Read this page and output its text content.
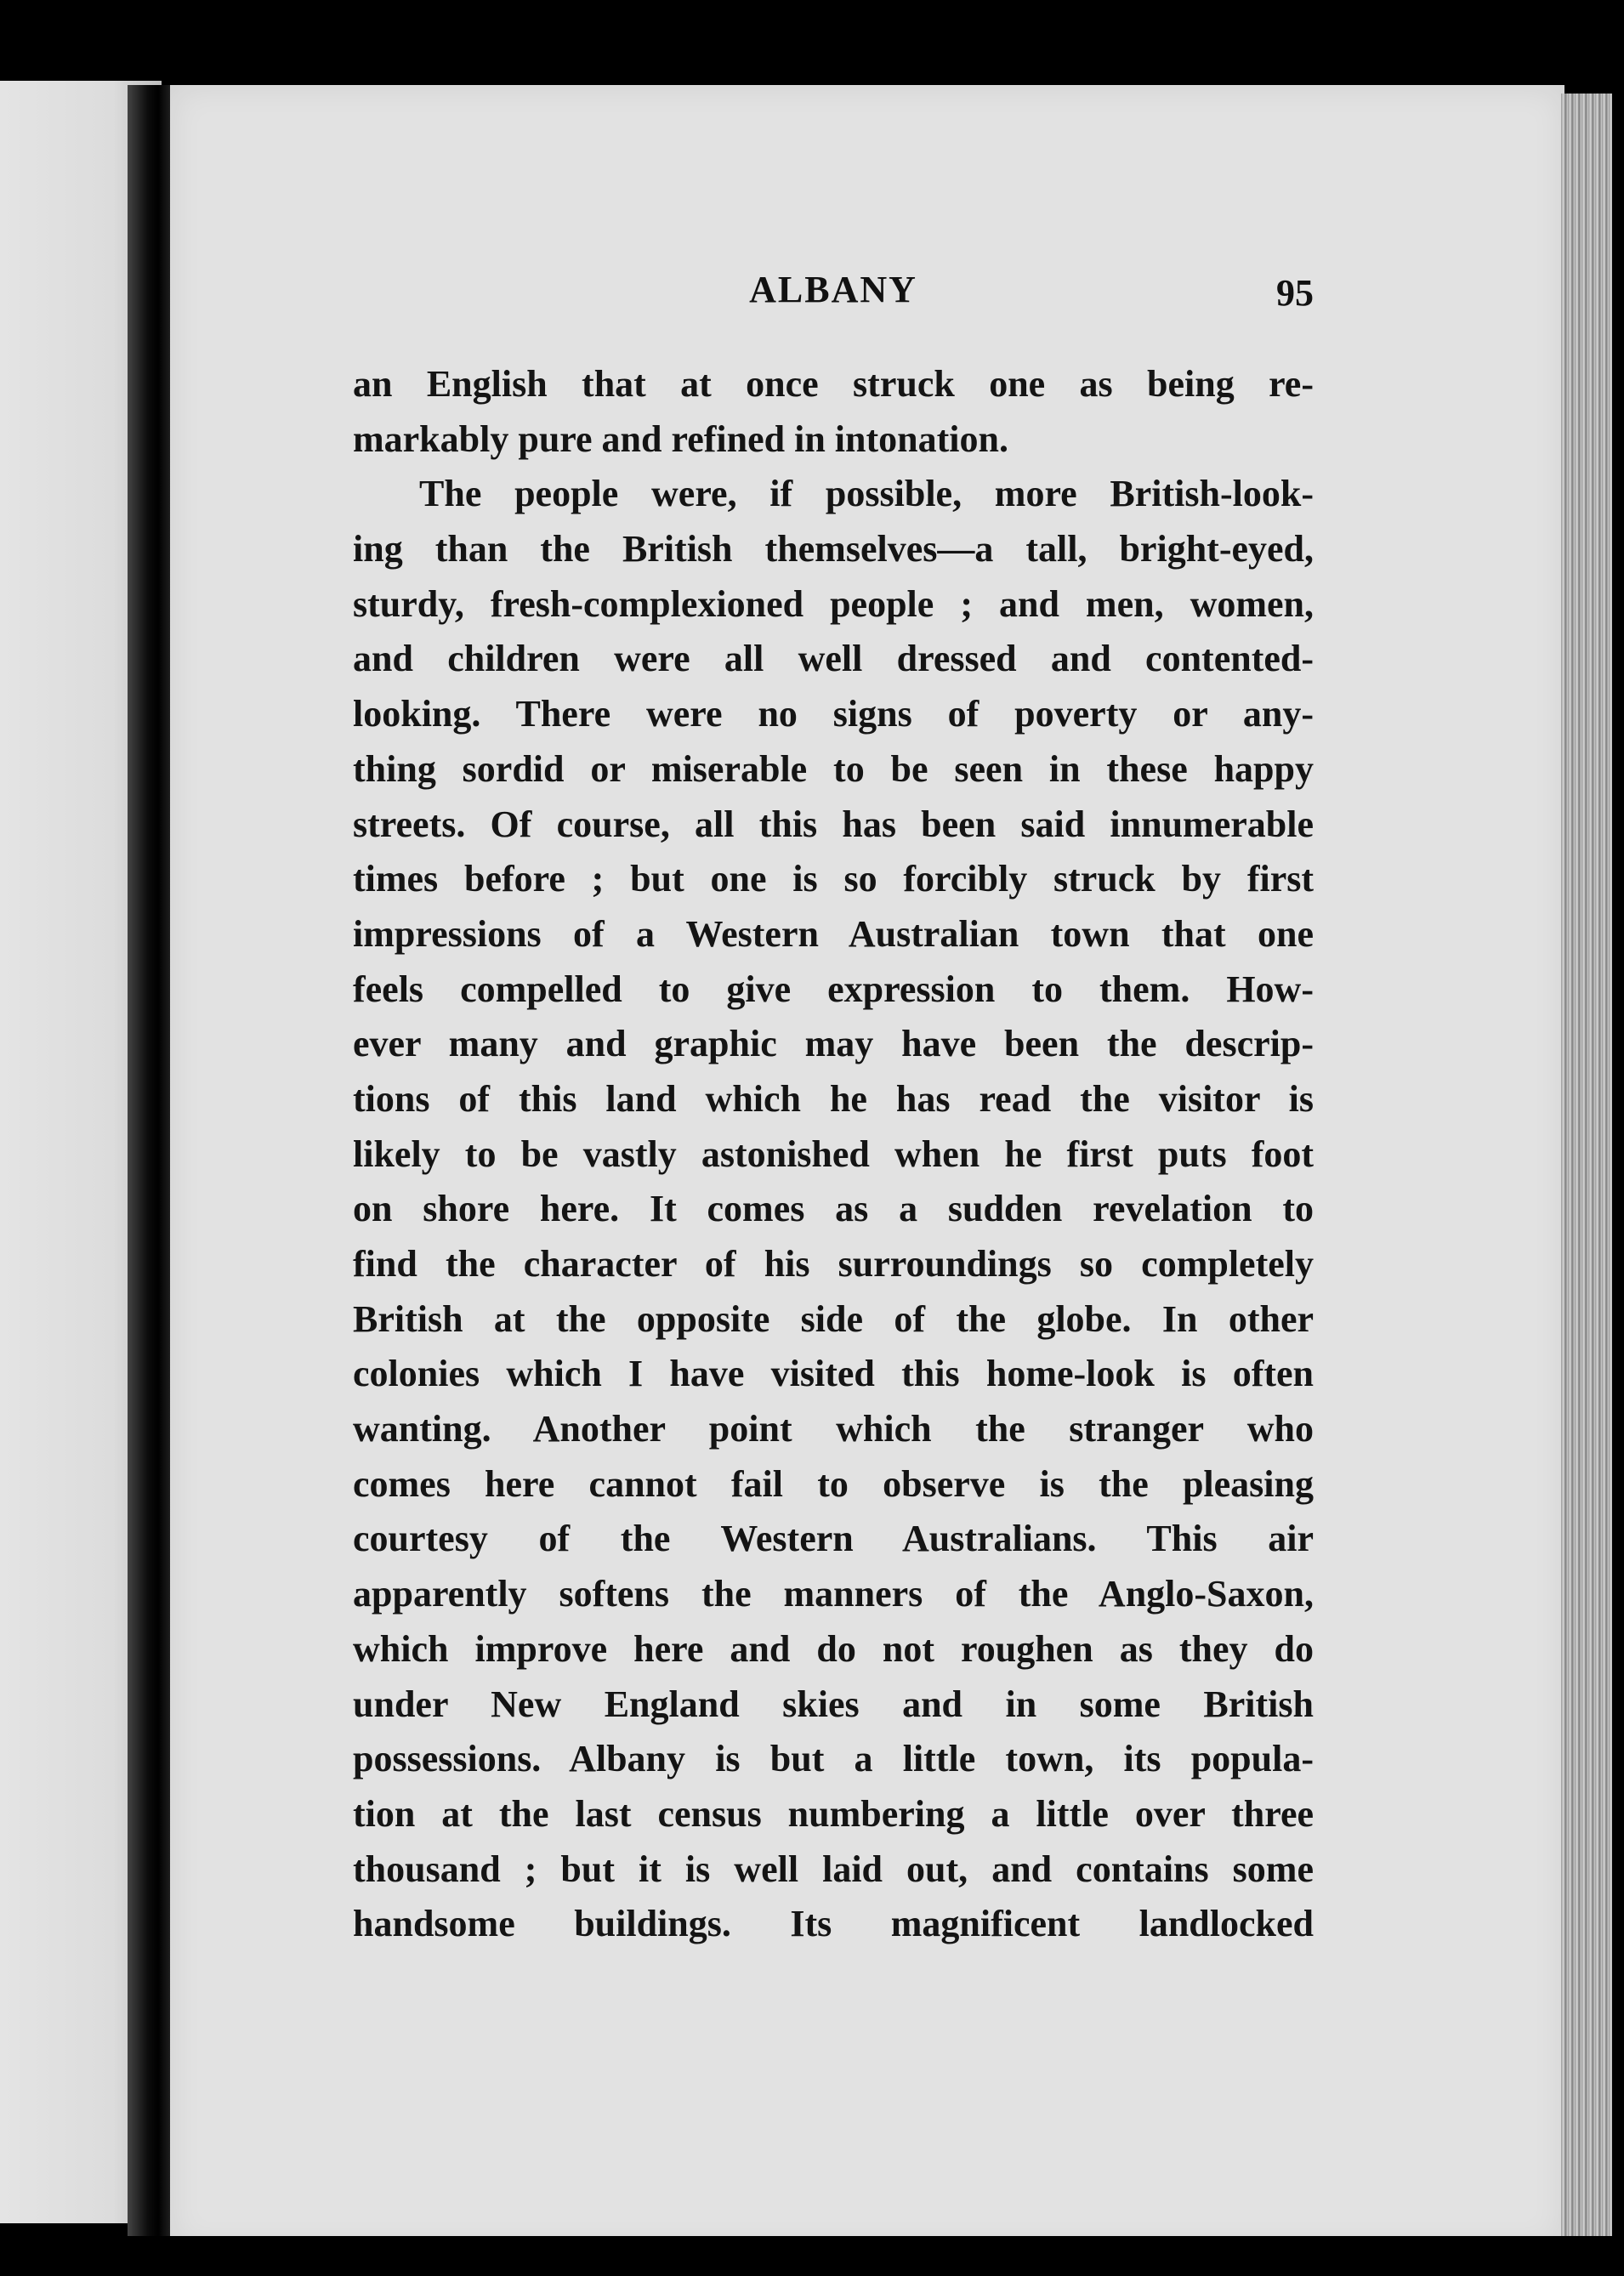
ALBANY	95
an English that at once struck one as being re-
markably pure and refined in intonation.
The people were, if possible, more British-look-
ing than the British themselves—a tall, bright-eyed,
sturdy, fresh-complexioned people ; and men, women,
and children were all well dressed and contented-
looking. There were no signs of poverty or any-
thing sordid or miserable to be seen in these happy
streets. Of course, all this has been said innumerable
times before ; but one is so forcibly struck by first
impressions of a Western Australian town that one
feels compelled to give expression to them. How-
ever many and graphic may have been the descrip-
tions of this land which he has read the visitor is
likely to be vastly astonished when he first puts foot
on shore here. It comes as a sudden revelation to
find the character of his surroundings so completely
British at the opposite side of the globe. In other
colonies which I have visited this home-look is often
wanting. Another point which the stranger who
comes here cannot fail to observe is the pleasing
courtesy of the Western Australians. This air
apparently softens the manners of the Anglo-Saxon,
which improve here and do not roughen as they do
under New England skies and in some British
possessions. Albany is but a little town, its popula-
tion at the last census numbering a little over three
thousand ; but it is well laid out, and contains some
handsome buildings. Its magnificent landlocked
